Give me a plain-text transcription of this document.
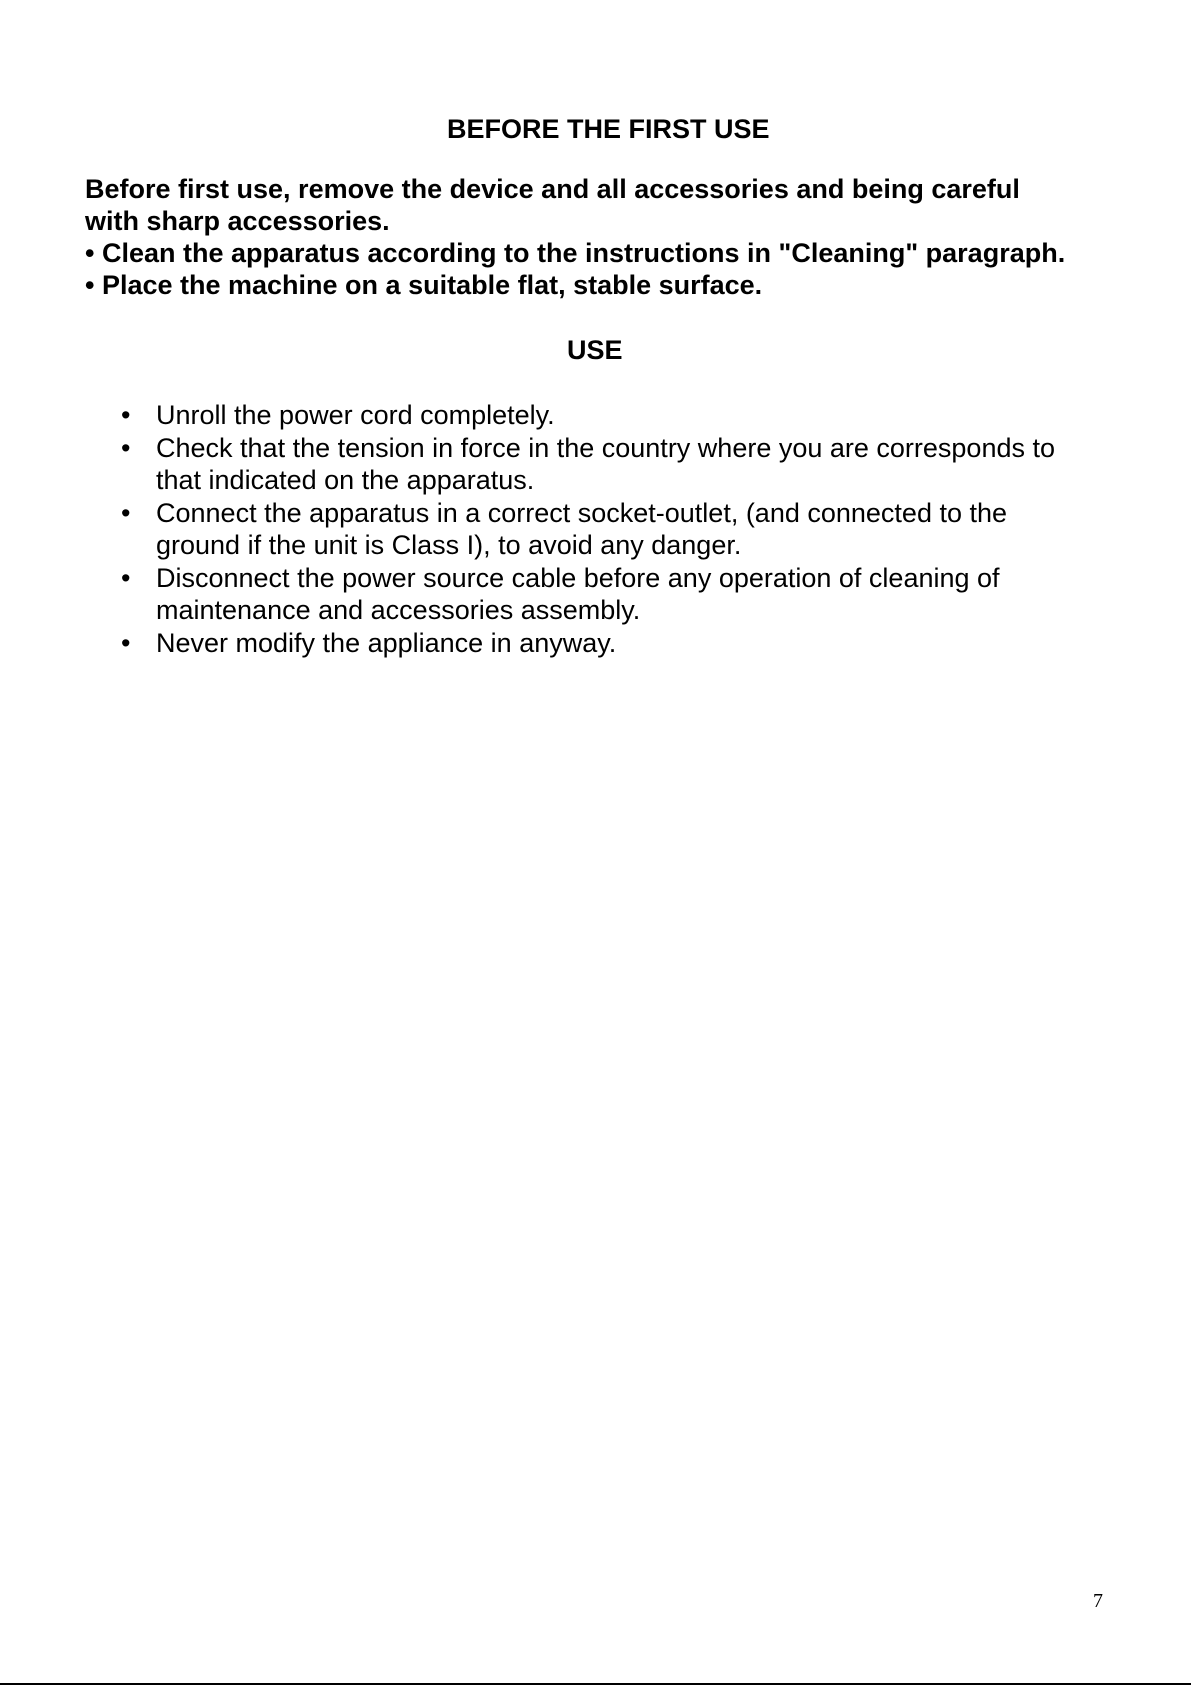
BEFORE THE FIRST USE

Before first use, remove the device and all accessories and being careful

with sharp accessories.

• Clean the apparatus according to the instructions in "Cleaning" paragraph.

• Place the machine on a suitable flat, stable surface.

USE
• Unroll the power cord completely.
• Check that the tension in force in the country where you are corresponds to
that indicated on the apparatus.
• Connect the apparatus in a correct socket-outlet, (and connected to the
ground if the unit is Class I), to avoid any danger.
• Disconnect the power source cable before any operation of cleaning of
maintenance and accessories assembly.
• Never modify the appliance in anyway.
7
